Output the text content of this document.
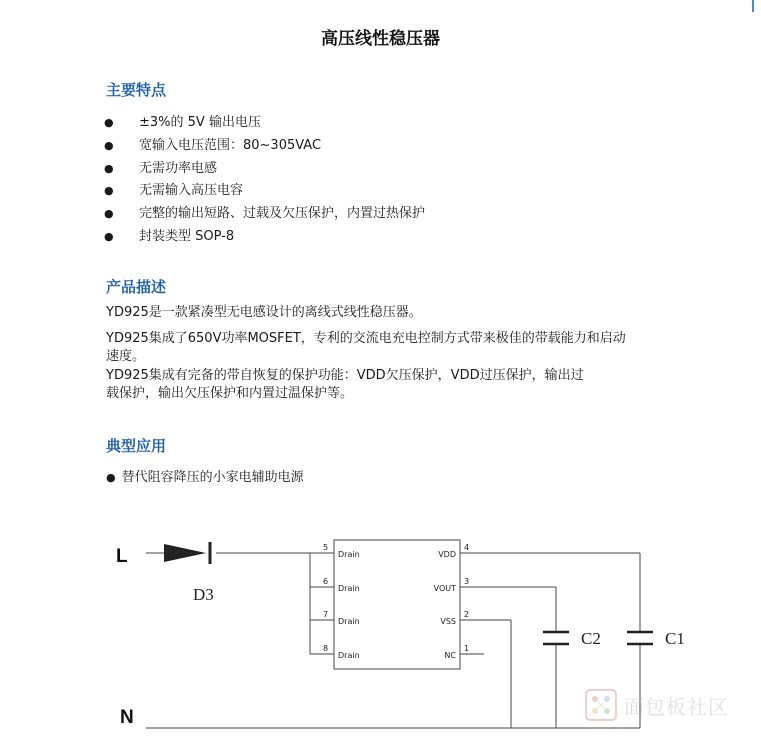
高压线性稳压器
主要特点
● ±3%的 5V 输出电压
● 宽输入电压范围：80~305VAC
● 无需功率电感
● 无需输入高压电容
● 完整的输出短路、过载及欠压保护，内置过热保护
● 封装类型 SOP-8
产品描述
YD925是一款紧凑型无电感设计的离线式线性稳压器。
YD925集成了650V功率MOSFET，专利的交流电充电控制方式带来极佳的带载能力和启动
速度。
YD925集成有完备的带自恢复的保护功能：VDD欠压保护，VDD过压保护，输出过
载保护，输出欠压保护和内置过温保护等。
典型应用
● 替代阻容降压的小家电辅助电源
L
N
D3
C2	C1
5
6
7
8
Drain
Drain
Drain
Drain
4
3
2
1
VDD
VOUT
VSS
NC
面包板社区
